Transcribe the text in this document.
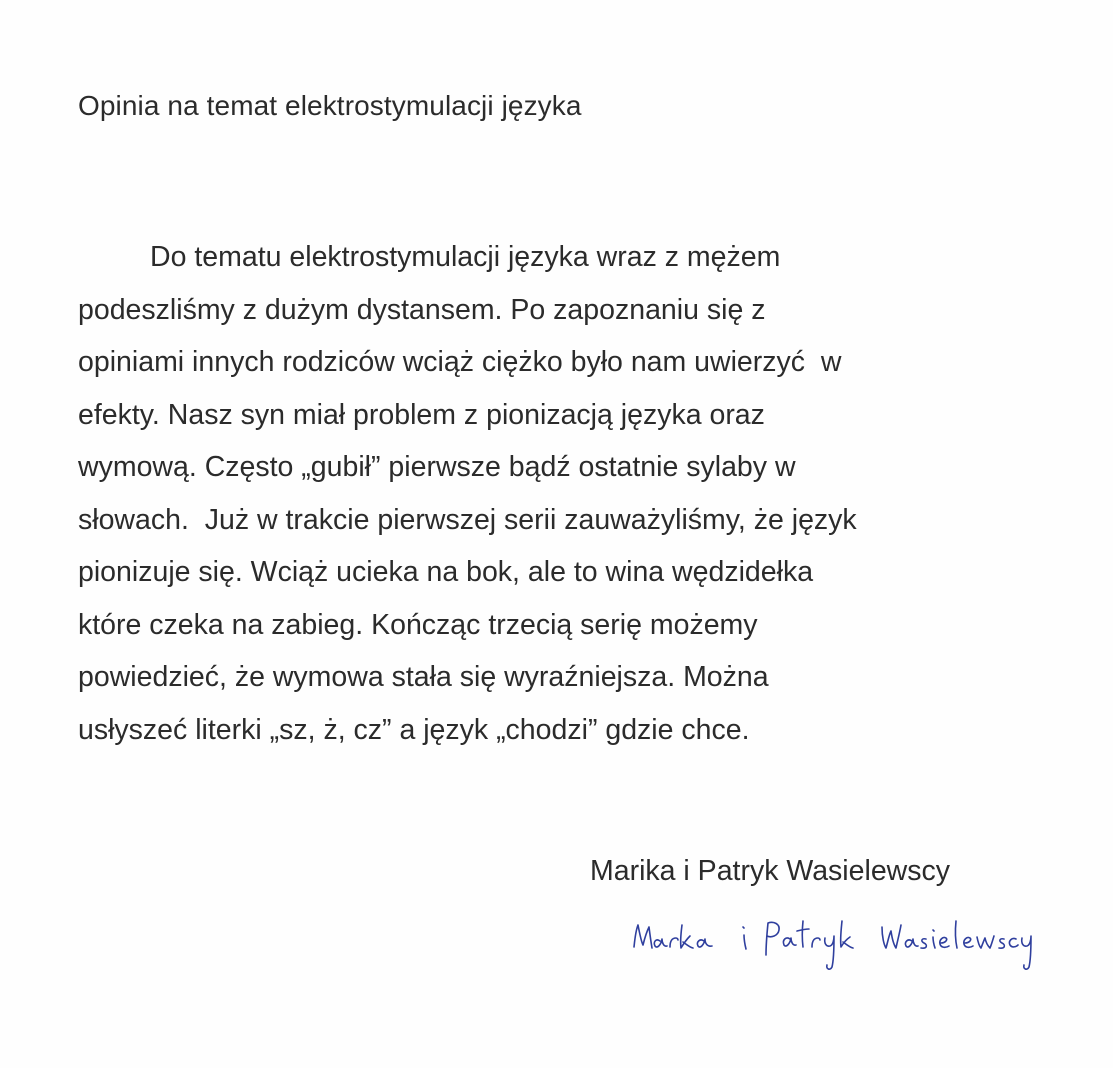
Opinia na temat elektrostymulacji języka
Do tematu elektrostymulacji języka wraz z mężem
podeszliśmy z dużym dystansem. Po zapoznaniu się z
opiniami innych rodziców wciąż ciężko było nam uwierzyć  w
efekty. Nasz syn miał problem z pionizacją języka oraz
wymową. Często „gubił” pierwsze bądź ostatnie sylaby w
słowach.  Już w trakcie pierwszej serii zauważyliśmy, że język
pionizuje się. Wciąż ucieka na bok, ale to wina wędzidełka
które czeka na zabieg. Kończąc trzecią serię możemy
powiedzieć, że wymowa stała się wyraźniejsza. Można
usłyszeć literki „sz, ż, cz” a język „chodzi” gdzie chce.
Marika i Patryk Wasielewscy
